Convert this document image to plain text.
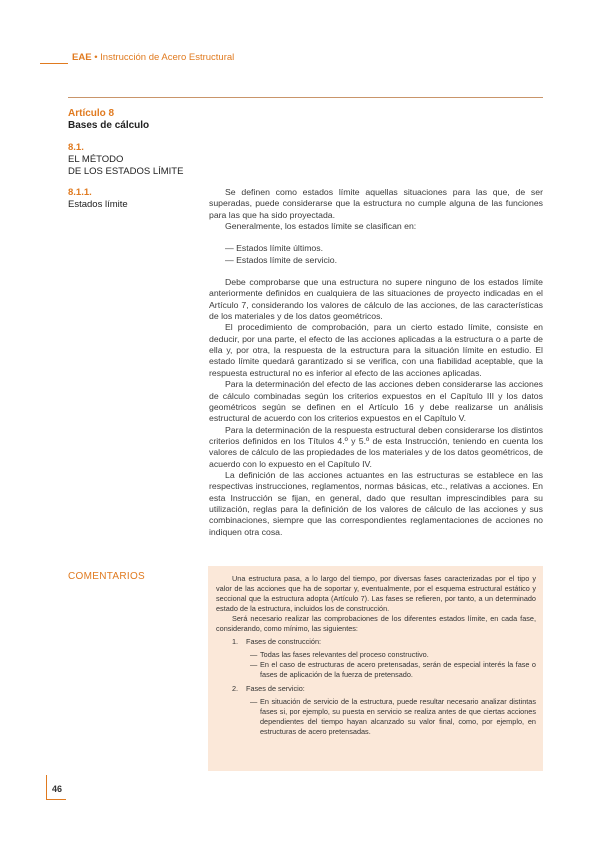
EAE • Instrucción de Acero Estructural
Artículo 8
Bases de cálculo
8.1.
EL MÉTODO
DE LOS ESTADOS LÍMITE
8.1.1.
Estados límite

Se definen como estados límite aquellas situaciones para las que, de ser superadas, puede considerarse que la estructura no cumple alguna de las funciones para las que ha sido proyectada.

Generalmente, los estados límite se clasifican en:

— Estados límite últimos.
— Estados límite de servicio.

Debe comprobarse que una estructura no supere ninguno de los estados límite anteriormente definidos en cualquiera de las situaciones de proyecto indicadas en el Artículo 7, considerando los valores de cálculo de las acciones, de las características de los materiales y de los datos geométricos.

El procedimiento de comprobación, para un cierto estado límite, consiste en deducir, por una parte, el efecto de las acciones aplicadas a la estructura o a parte de ella y, por otra, la respuesta de la estructura para la situación límite en estudio. El estado límite quedará garantizado si se verifica, con una fiabilidad aceptable, que la respuesta estructural no es inferior al efecto de las acciones aplicadas.

Para la determinación del efecto de las acciones deben considerarse las acciones de cálculo combinadas según los criterios expuestos en el Capítulo III y los datos geométricos según se definen en el Artículo 16 y debe realizarse un análisis estructural de acuerdo con los criterios expuestos en el Capítulo V.

Para la determinación de la respuesta estructural deben considerarse los distintos criterios definidos en los Títulos 4.º y 5.º de esta Instrucción, teniendo en cuenta los valores de cálculo de las propiedades de los materiales y de los datos geométricos, de acuerdo con lo expuesto en el Capítulo IV.

La definición de las acciones actuantes en las estructuras se establece en las respectivas instrucciones, reglamentos, normas básicas, etc., relativas a acciones. En esta Instrucción se fijan, en general, dado que resultan imprescindibles para su utilización, reglas para la definición de los valores de cálculo de las acciones y sus combinaciones, siempre que las correspondientes reglamentaciones de acciones no indiquen otra cosa.

COMENTARIOS	Una estructura pasa, a lo largo del tiempo, por diversas fases caracterizadas por el tipo y valor de las acciones que ha de soportar y, eventualmente, por el esquema estructural estático y seccional que la estructura adopta (Artículo 7). Las fases se refieren, por tanto, a un determinado estado de la estructura, incluidos los de construcción.

Será necesario realizar las comprobaciones de los diferentes estados límite, en cada fase, considerando, como mínimo, las siguientes:

1. Fases de construcción:
— Todas las fases relevantes del proceso constructivo.
— En el caso de estructuras de acero pretensadas, serán de especial interés la fase o fases de aplicación de la fuerza de pretensado.
2. Fases de servicio:
— En situación de servicio de la estructura, puede resultar necesario analizar distintas fases si, por ejemplo, su puesta en servicio se realiza antes de que ciertas acciones dependientes del tiempo hayan alcanzado su valor final, como, por ejemplo, en estructuras de acero pretensadas.
46
